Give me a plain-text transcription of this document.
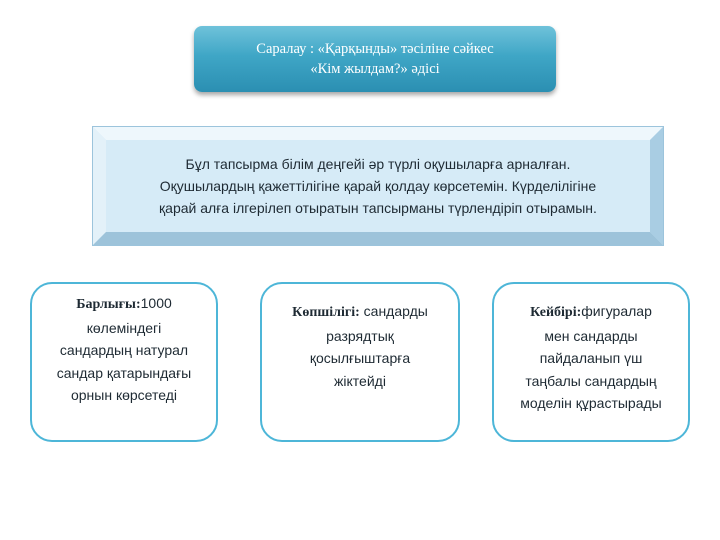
Саралау : «Қарқынды» тәсіліне сәйкес
«Кім жылдам?» әдісі
Бұл тапсырма білім деңгейі әр түрлі оқушыларға арналған.
Оқушылардың қажеттілігіне қарай қолдау көрсетемін. Күрделілігіне
қарай алға ілгерілеп отыратын тапсырманы түрлендіріп отырамын.
Барлығы:1000
көлеміндегі
сандардың натурал
сандар қатарындағы
орнын көрсетеді
Көпшілігі: сандарды
разрядтық
қосылғыштарға
жіктейді
Кейбірі:фигуралар
мен сандарды
пайдаланып үш
таңбалы сандардың
моделін құрастырады
